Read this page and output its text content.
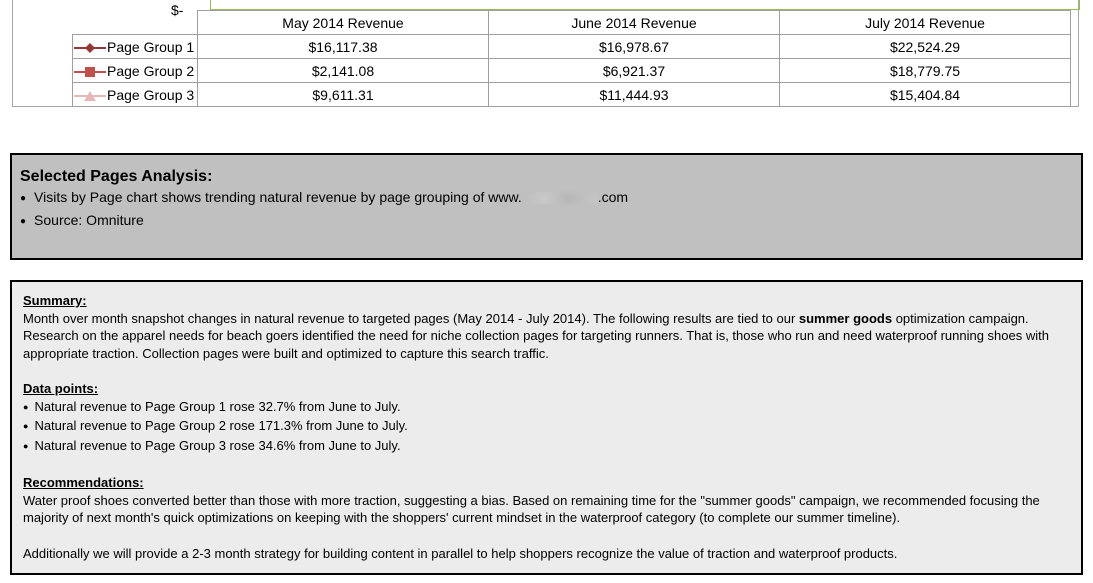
$-
	May 2014 Revenue	June 2014 Revenue	July 2014 Revenue
Page Group 1	$16,117.38	$16,978.67	$22,524.29
Page Group 2	$2,141.08	$6,921.37	$18,779.75
Page Group 3	$9,611.31	$11,444.93	$15,404.84
Selected Pages Analysis:
● Visits by Page chart shows trending natural revenue by page grouping of www.	.com
● Source: Omniture
Summary:

Month over month snapshot changes in natural revenue to targeted pages (May 2014 - July 2014). The following results are tied to our summer goods optimization campaign. Research on the apparel needs for beach goers identified the need for niche collection pages for targeting runners. That is, those who run and need waterproof running shoes with appropriate traction. Collection pages were built and optimized to capture this search traffic.

Data points:
● Natural revenue to Page Group 1 rose 32.7% from June to July.
● Natural revenue to Page Group 2 rose 171.3% from June to July.
● Natural revenue to Page Group 3 rose 34.6% from June to July.
Recommendations:

Water proof shoes converted better than those with more traction, suggesting a bias. Based on remaining time for the "summer goods" campaign, we recommended focusing the majority of next month's quick optimizations on keeping with the shoppers' current mindset in the waterproof category (to complete our summer timeline).

Additionally we will provide a 2-3 month strategy for building content in parallel to help shoppers recognize the value of traction and waterproof products.
